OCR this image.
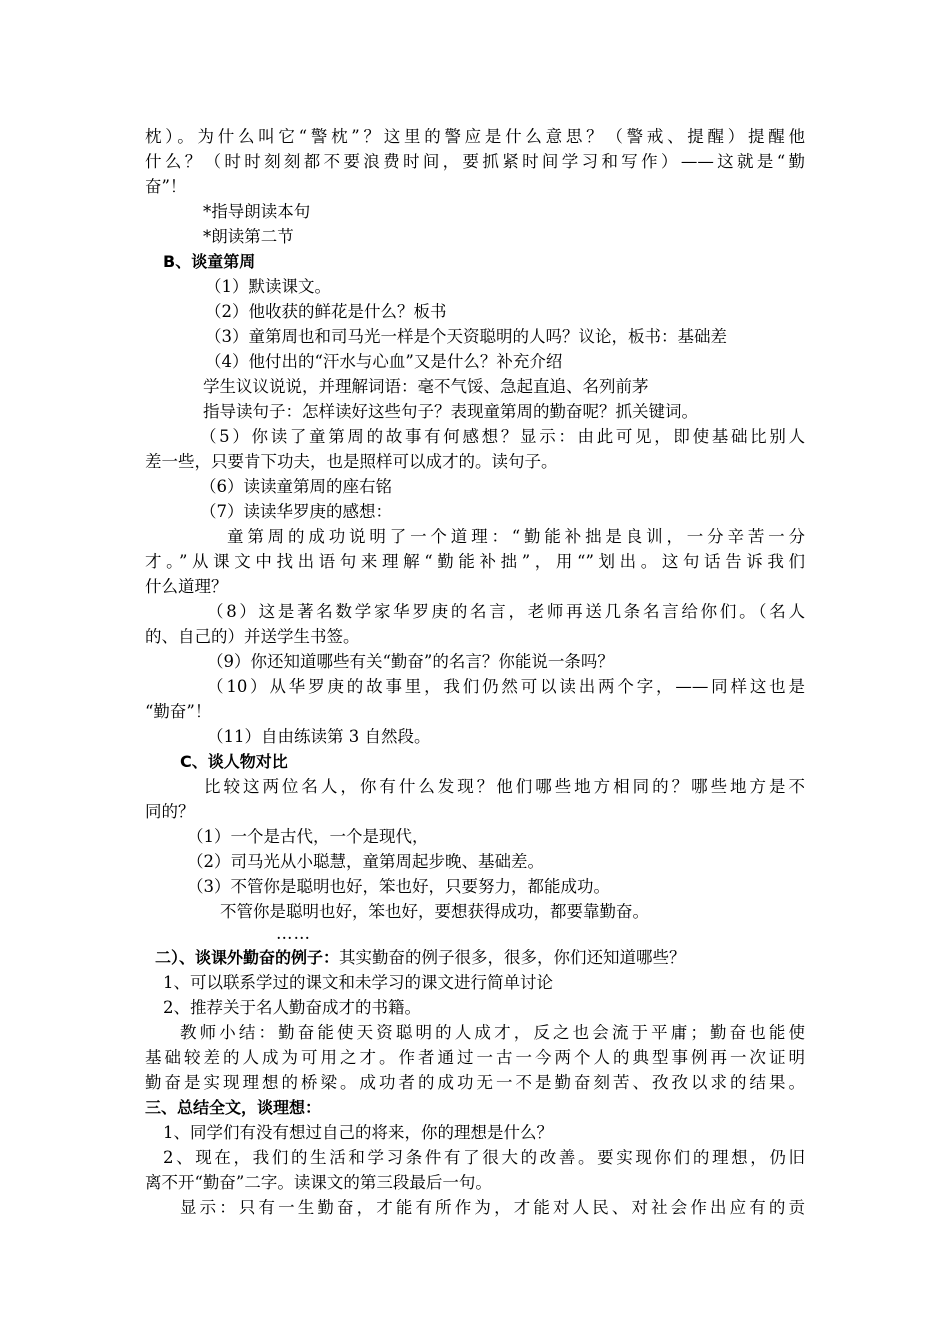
枕）。为什么叫它“警枕”？这里的警应是什么意思？（警戒、提醒）提醒他
什么？（时时刻刻都不要浪费时间，要抓紧时间学习和写作）——这就是“勤
奋”！
*指导朗读本句
*朗读第二节
B、谈童第周
（1）默读课文。
（2）他收获的鲜花是什么？板书
（3）童第周也和司马光一样是个天资聪明的人吗？议论，板书：基础差
（4）他付出的“汗水与心血”又是什么？补充介绍
学生议议说说，并理解词语：毫不气馁、急起直追、名列前茅
指导读句子：怎样读好这些句子？表现童第周的勤奋呢？抓关键词。
（5）你读了童第周的故事有何感想？显示：由此可见，即使基础比别人
差一些，只要肯下功夫，也是照样可以成才的。读句子。
（6）读读童第周的座右铭
（7）读读华罗庚的感想：
童第周的成功说明了一个道理：“勤能补拙是良训，一分辛苦一分
才。”从课文中找出语句来理解“勤能补拙”，用“”划出。这句话告诉我们
什么道理？
（8）这是著名数学家华罗庚的名言，老师再送几条名言给你们。（名人
的、自己的）并送学生书签。
（9）你还知道哪些有关“勤奋”的名言？你能说一条吗？
（10）从华罗庚的故事里，我们仍然可以读出两个字，——同样这也是
“勤奋”！
（11）自由练读第 3 自然段。
C、谈人物对比
比较这两位名人，你有什么发现？他们哪些地方相同的？哪些地方是不
同的？
（1）一个是古代，一个是现代，
（2）司马光从小聪慧，童第周起步晚、基础差。
（3）不管你是聪明也好，笨也好，只要努力，都能成功。
不管你是聪明也好，笨也好，要想获得成功，都要靠勤奋。
……
二）、谈课外勤奋的例子：其实勤奋的例子很多，很多，你们还知道哪些？
1、可以联系学过的课文和未学习的课文进行简单讨论
2、推荐关于名人勤奋成才的书籍。
教师小结：勤奋能使天资聪明的人成才，反之也会流于平庸；勤奋也能使
基础较差的人成为可用之才。作者通过一古一今两个人的典型事例再一次证明
勤奋是实现理想的桥梁。成功者的成功无一不是勤奋刻苦、孜孜以求的结果。
三、总结全文，谈理想：
1、同学们有没有想过自己的将来，你的理想是什么？
2、现在，我们的生活和学习条件有了很大的改善。要实现你们的理想，仍旧
离不开“勤奋”二字。读课文的第三段最后一句。
显示：只有一生勤奋，才能有所作为，才能对人民、对社会作出应有的贡
